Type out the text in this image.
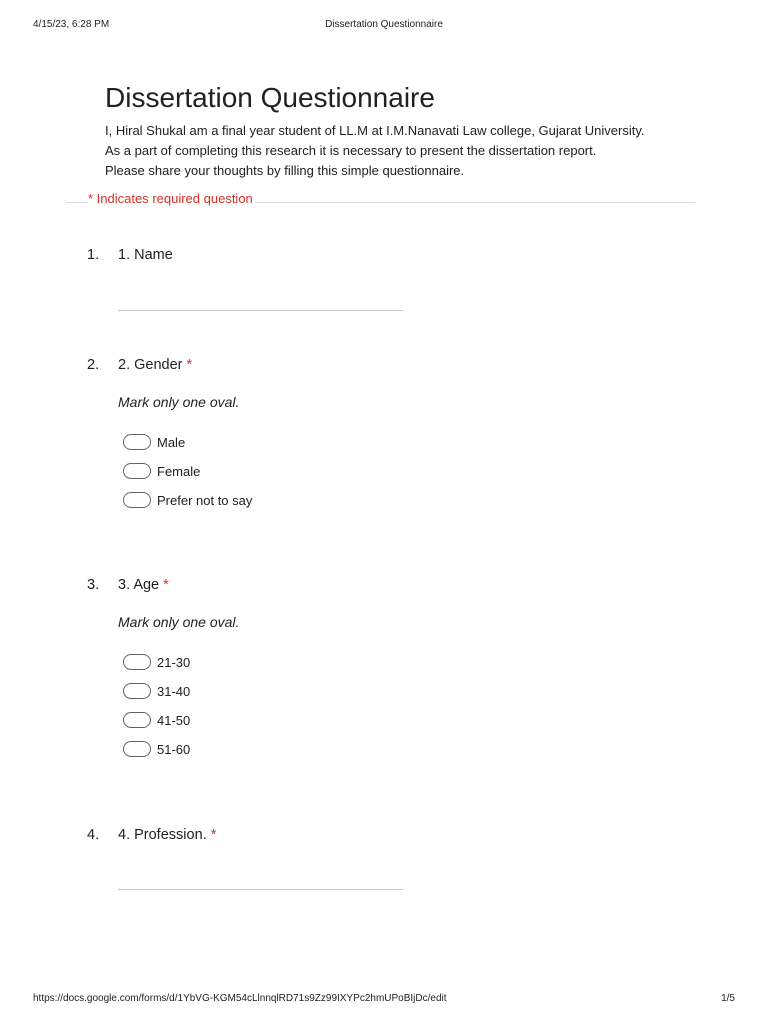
4/15/23, 6:28 PM	Dissertation Questionnaire
Dissertation Questionnaire
I, Hiral Shukal am a final year student of LL.M at I.M.Nanavati Law college, Gujarat University.
As a part of completing this research it is necessary to present the dissertation report.
Please share your thoughts by filling this simple questionnaire.
* Indicates required question
1. 1. Name
2. 2. Gender *
Mark only one oval.
Male
Female
Prefer not to say
3. 3. Age *
Mark only one oval.
21-30
31-40
41-50
51-60
4. 4. Profession. *
https://docs.google.com/forms/d/1YbVG-KGM54cLlnnqlRD71s9Zz99IXYPc2hmUPoBIjDc/edit	1/5
